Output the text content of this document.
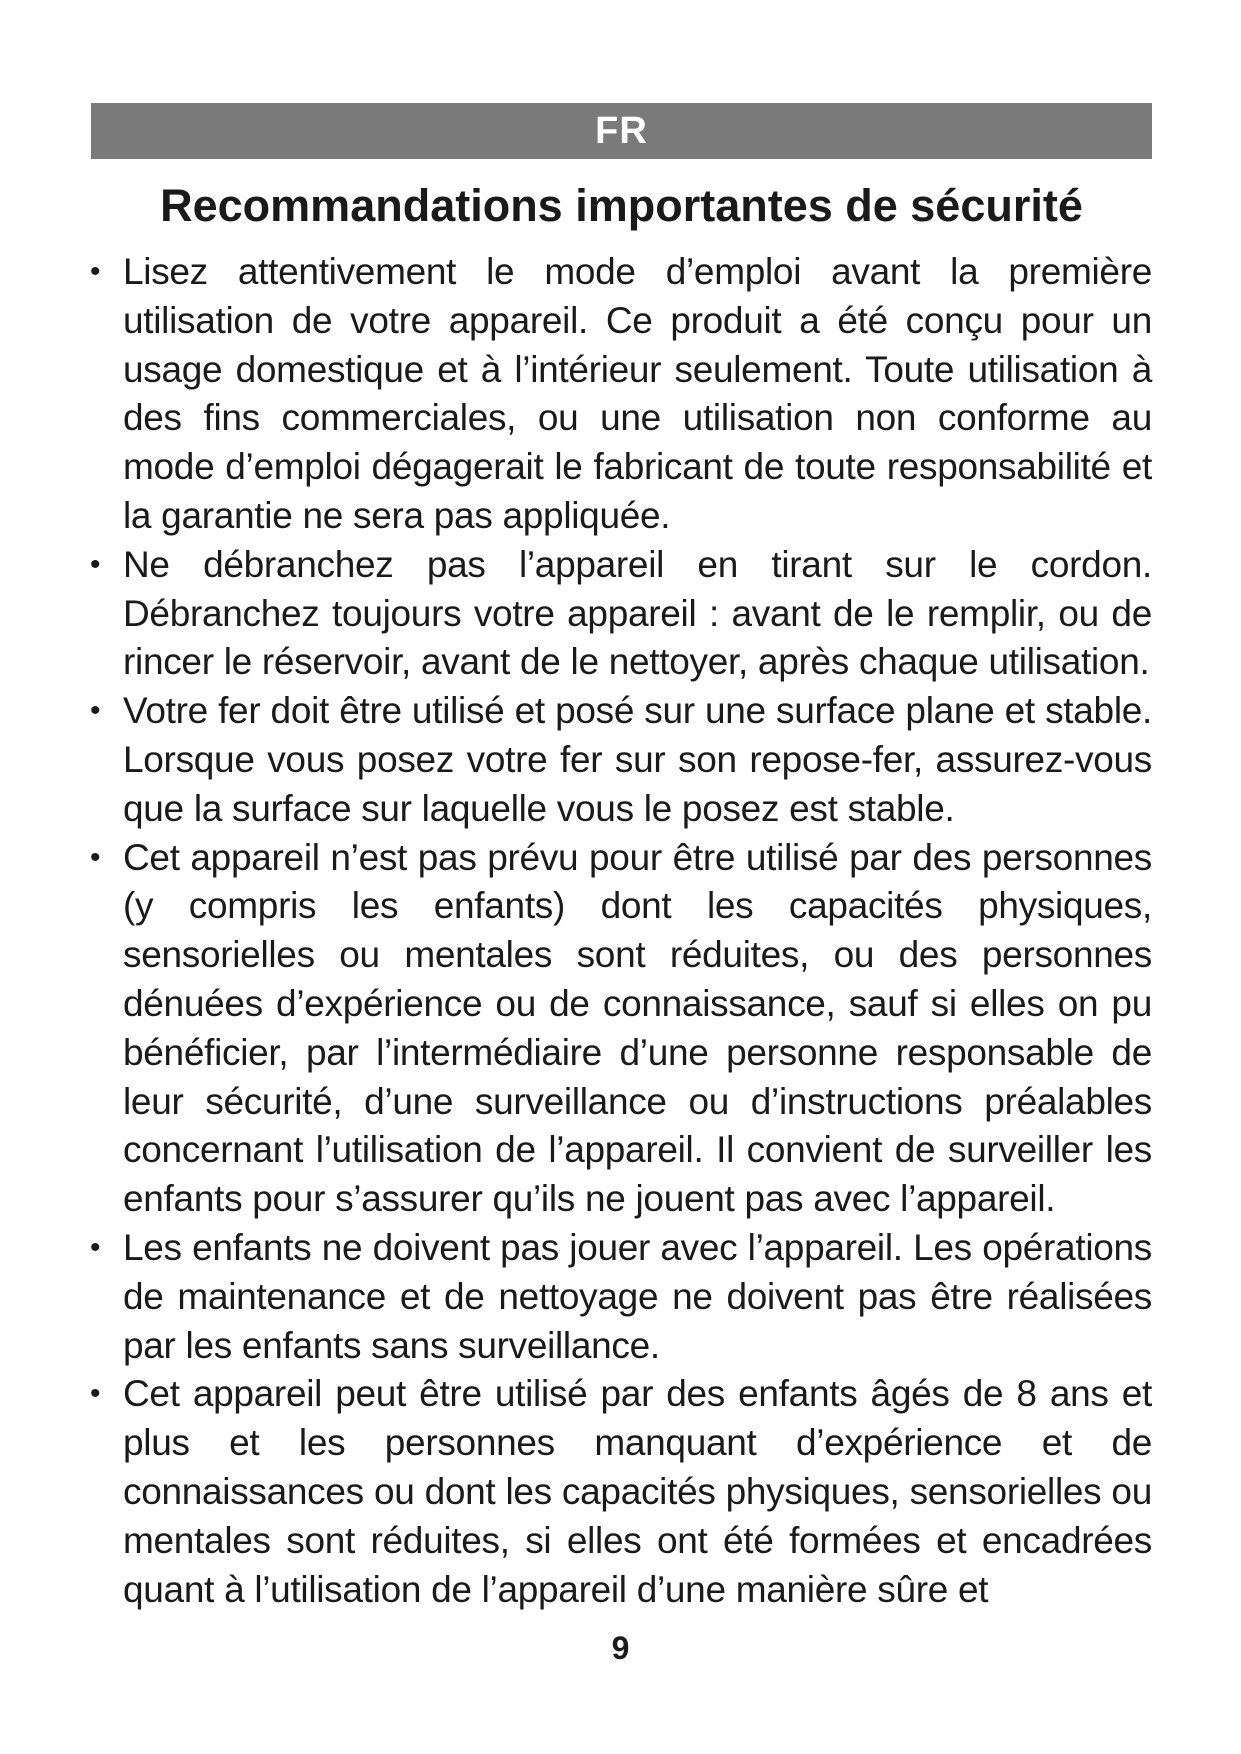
FR
Recommandations importantes de sécurité
• Lisez attentivement le mode d’emploi avant la première utilisation de votre appareil. Ce produit a été conçu pour un usage domestique et à l’intérieur seulement. Toute utilisation à des fins commerciales, ou une utilisation non conforme au mode d’emploi dégagerait le fabricant de toute responsabilité et la garantie ne sera pas appliquée.
• Ne débranchez pas l’appareil en tirant sur le cordon. Débranchez toujours votre appareil : avant de le remplir, ou de rincer le réservoir, avant de le nettoyer, après chaque utilisation.
• Votre fer doit être utilisé et posé sur une surface plane et stable. Lorsque vous posez votre fer sur son repose-fer, assurez-vous que la surface sur laquelle vous le posez est stable.
• Cet appareil n’est pas prévu pour être utilisé par des personnes (y compris les enfants) dont les capacités physiques, sensorielles ou mentales sont réduites, ou des personnes dénuées d’expérience ou de connaissance, sauf si elles on pu bénéficier, par l’intermédiaire d’une personne responsable de leur sécurité, d’une surveillance ou d’instructions préalables concernant l’utilisation de l’appareil. Il convient de surveiller les enfants pour s’assurer qu’ils ne jouent pas avec l’appareil.
• Les enfants ne doivent pas jouer avec l’appareil. Les opérations de maintenance et de nettoyage ne doivent pas être réalisées par les enfants sans surveillance.
• Cet appareil peut être utilisé par des enfants âgés de 8 ans et plus et les personnes manquant d’expérience et de connaissances ou dont les capacités physiques, sensorielles ou mentales sont réduites, si elles ont été formées et encadrées quant à l’utilisation de l’appareil d’une manière sûre et
9
